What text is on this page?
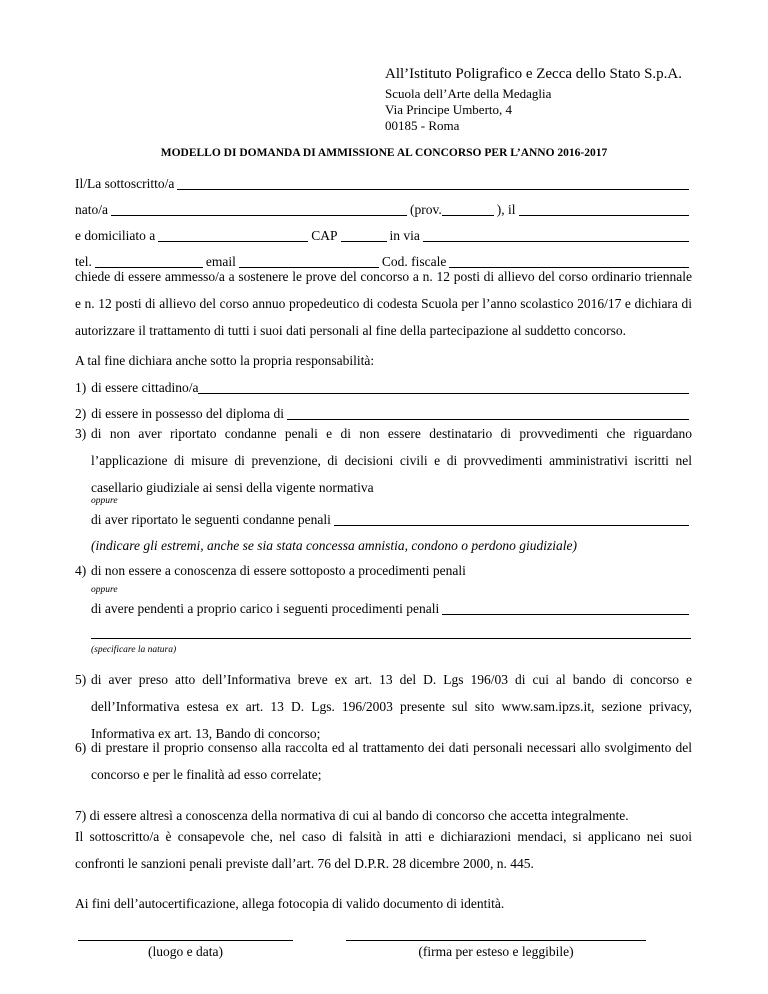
All’Istituto Poligrafico e Zecca dello Stato S.p.A.
Scuola dell’Arte della Medaglia
Via Principe Umberto, 4
00185 - Roma
MODELLO DI DOMANDA DI AMMISSIONE AL CONCORSO PER L’ANNO 2016-2017
Il/La sottoscritto/a
nato/a	(prov.	), il
e domiciliato a	CAP	in via
tel.	email	Cod. fiscale
chiede di essere ammesso/a a sostenere le prove del concorso a n. 12 posti di allievo del corso ordinario triennale e n. 12 posti di allievo del corso annuo propedeutico di codesta Scuola per l’anno scolastico 2016/17 e dichiara di autorizzare il trattamento di tutti i suoi dati personali al fine della partecipazione al suddetto concorso.
A tal fine dichiara anche sotto la propria responsabilità:
1) di essere cittadino/a
2) di essere in possesso del diploma di
3) di non aver riportato condanne penali e di non essere destinatario di provvedimenti che riguardano l’applicazione di misure di prevenzione, di decisioni civili e di provvedimenti amministrativi iscritti nel casellario giudiziale ai sensi della vigente normativa
oppure
di aver riportato le seguenti condanne penali
(indicare gli estremi, anche se sia stata concessa amnistia, condono o perdono giudiziale)
4) di non essere a conoscenza di essere sottoposto a procedimenti penali
oppure
di avere pendenti a proprio carico i seguenti procedimenti penali
(specificare la natura)
5) di aver preso atto dell’Informativa breve ex art. 13 del D. Lgs 196/03 di cui al bando di concorso e dell’Informativa estesa ex art. 13 D. Lgs. 196/2003 presente sul sito www.sam.ipzs.it, sezione privacy, Informativa ex art. 13, Bando di concorso;
6) di prestare il proprio consenso alla raccolta ed al trattamento dei dati personali necessari allo svolgimento del concorso e per le finalità ad esso correlate;
7) di essere altresì a conoscenza della normativa di cui al bando di concorso che accetta integralmente.
Il sottoscritto/a è consapevole che, nel caso di falsità in atti e dichiarazioni mendaci, si applicano nei suoi confronti le sanzioni penali previste dall’art. 76 del D.P.R. 28 dicembre 2000, n. 445.
Ai fini dell’autocertificazione, allega fotocopia di valido documento di identità.
(luogo e data)	(firma per esteso e leggibile)
